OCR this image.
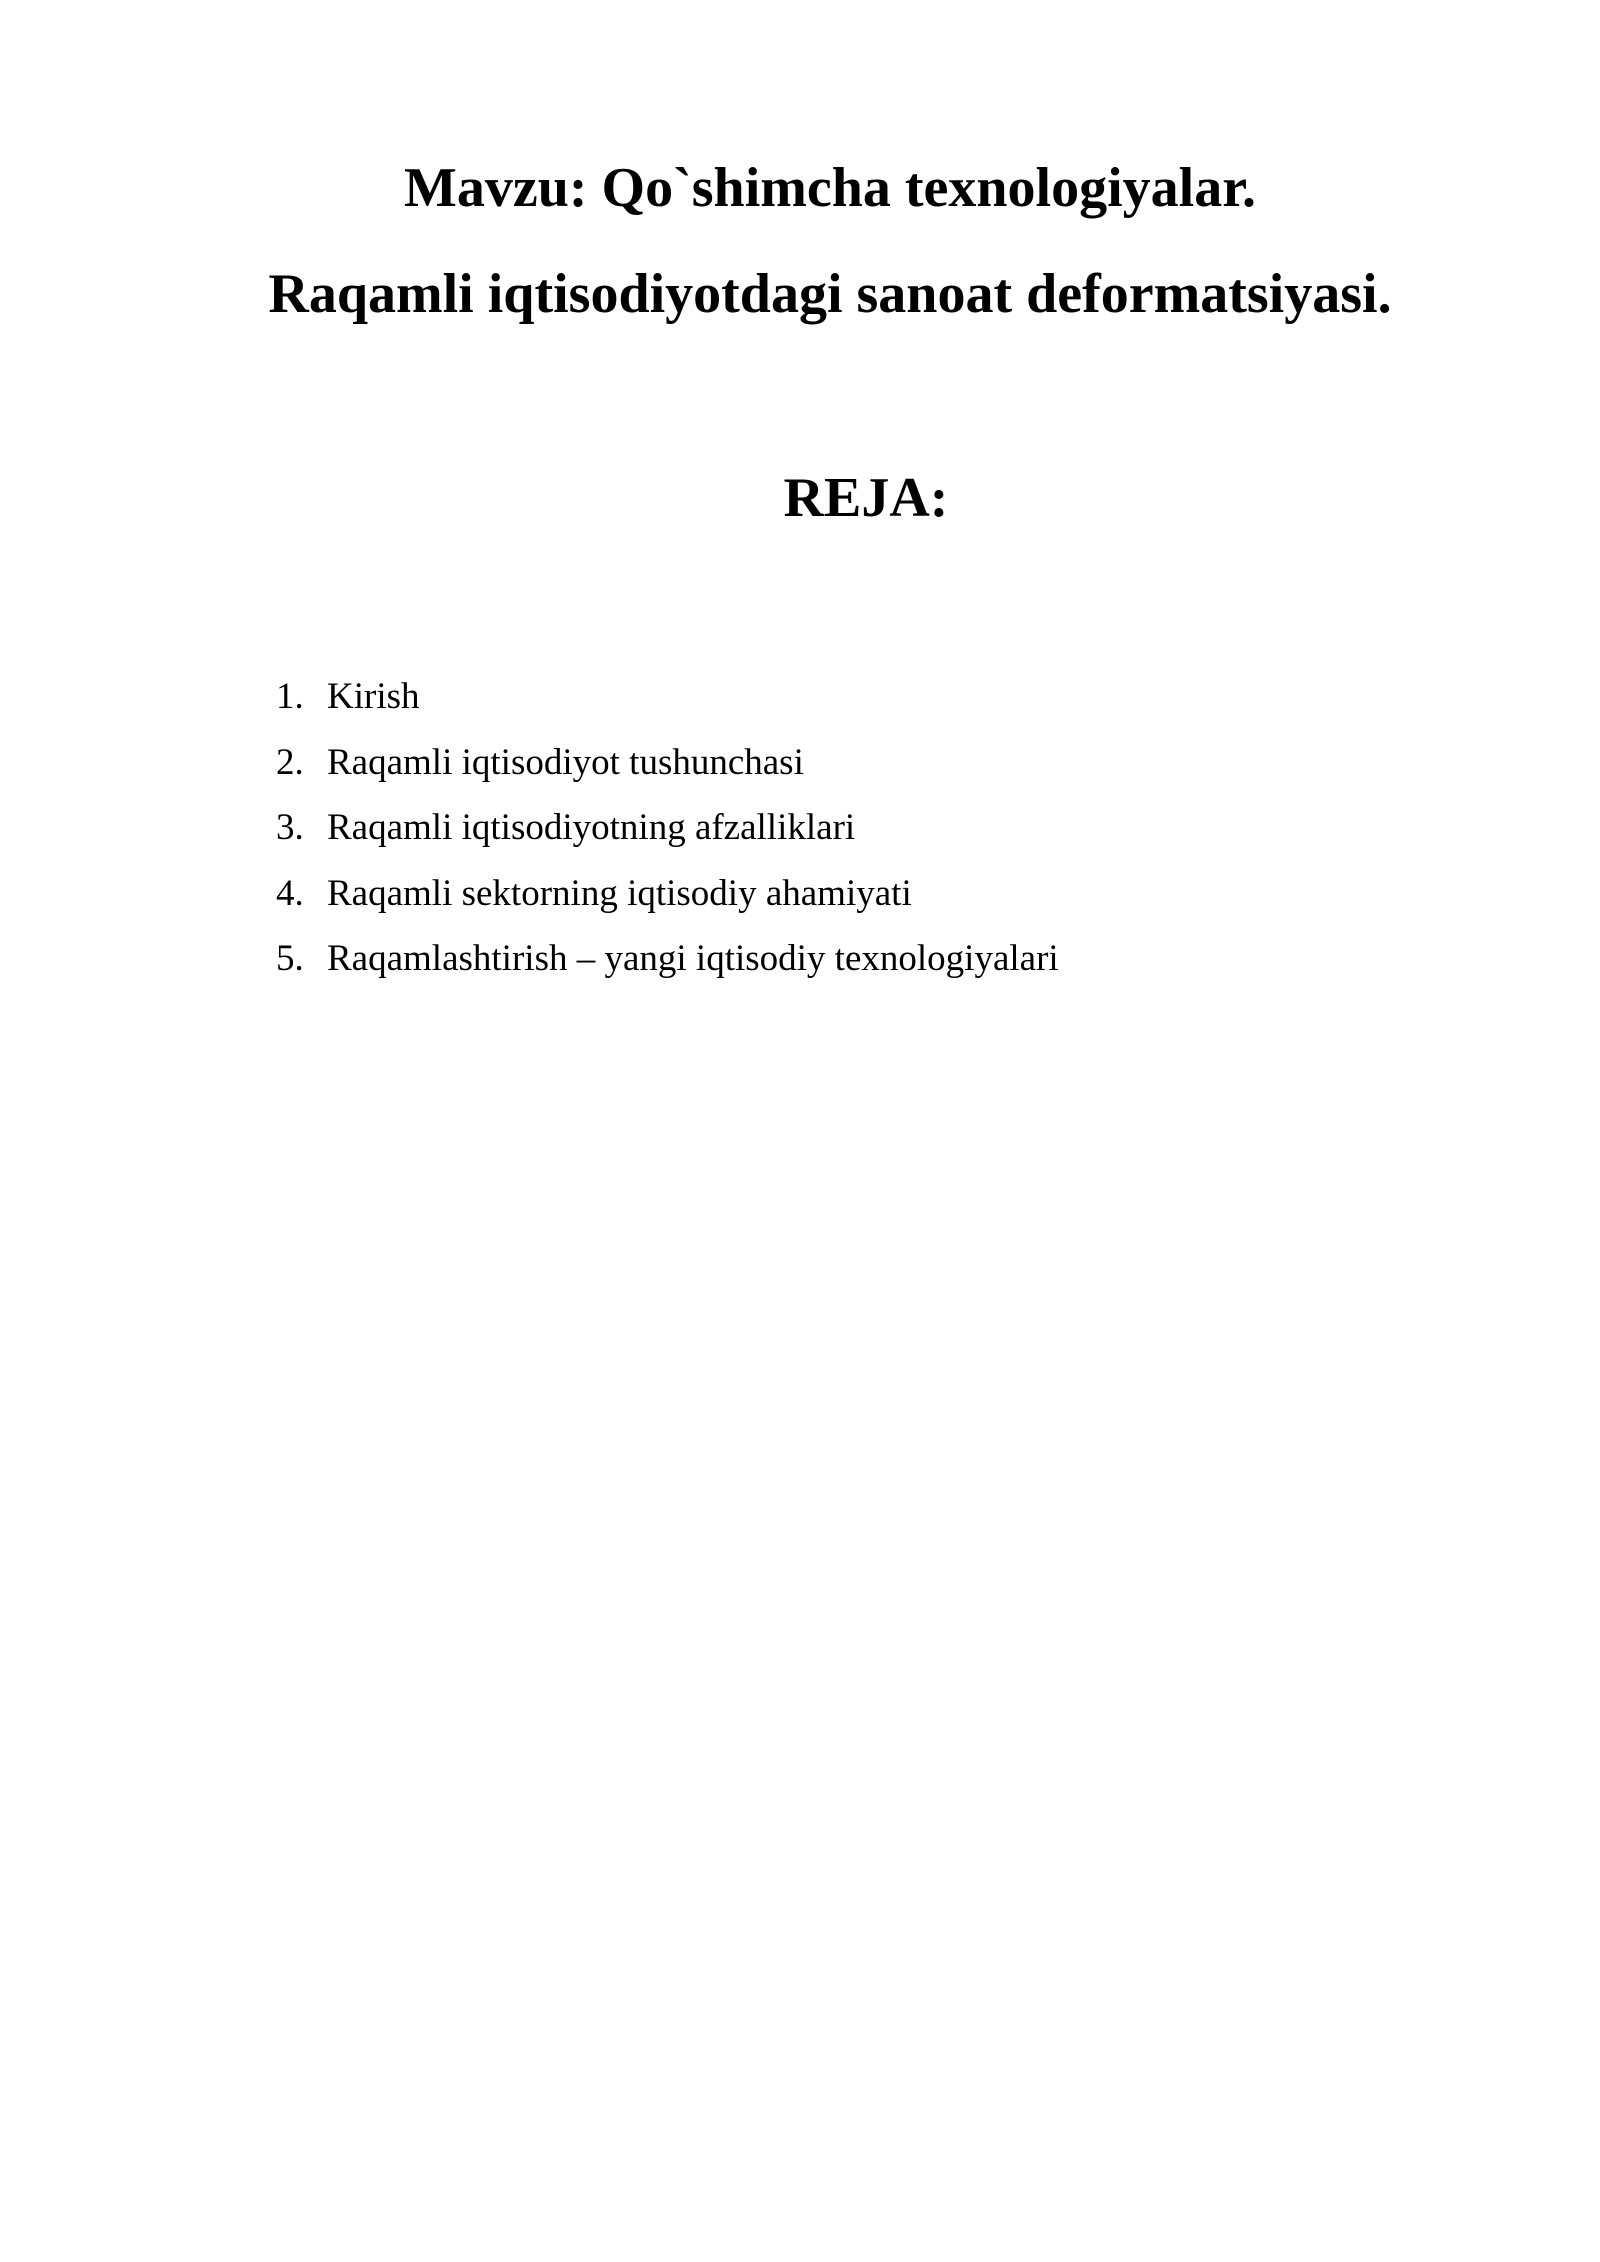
Mavzu: Qo`shimcha texnologiyalar.
Raqamli iqtisodiyotdagi sanoat deformatsiyasi.
REJA:
1. Kirish
2. Raqamli iqtisodiyot tushunchasi
3. Raqamli iqtisodiyotning afzalliklari
4. Raqamli sektorning iqtisodiy ahamiyati
5. Raqamlashtirish – yangi iqtisodiy texnologiyalari
